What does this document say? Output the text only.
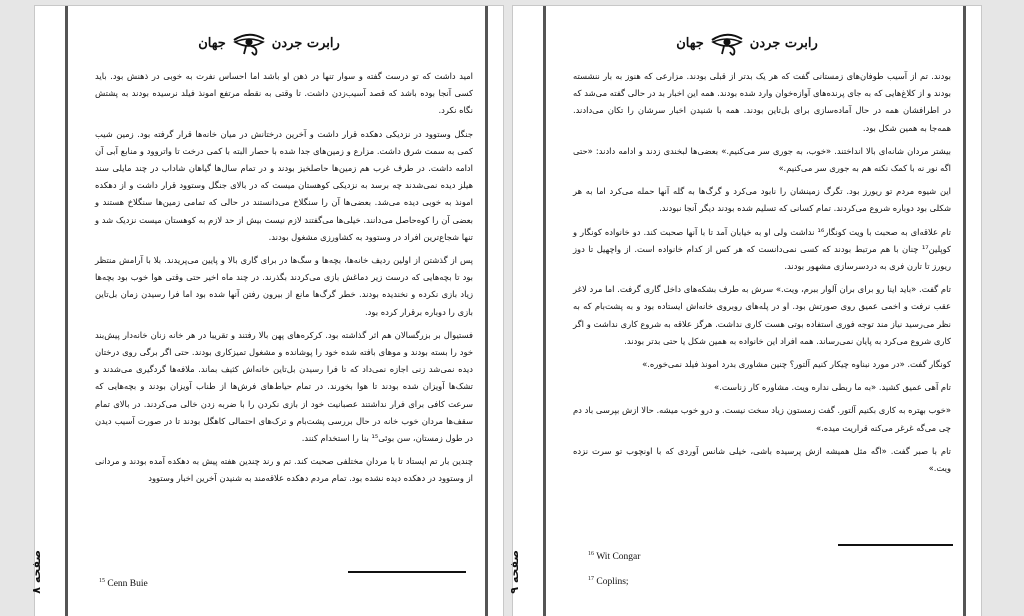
رابرت جردن
جهان

امید داشت که تو درست گفته و سوار تنها در ذهن او باشد اما احساس نفرت به خوبی در ذهنش بود. باید کسی آنجا بوده باشد که قصد آسیب‌زدن داشت. تا وقتی به نقطه مرتفع امونذ فیلد نرسیده بودند به پشتش نگاه نکرد.

جنگل وستوود در نزدیکی دهکده قرار داشت و آخرین درختانش در میان خانه‌ها قرار گرفته بود. زمین شیب کمی به سمت شرق داشت. مزارع و زمین‌های جدا شده با حصار البته با کمی درخت تا واتروود و منابع آبی آن ادامه داشت. در طرف غرب هم زمین‌ها حاصلخیز بودند و در تمام سال‌ها گیاهان شاداب در چند مایلی سند هیلز دیده نمی‌شدند چه برسد به نزدیکی کوهستان میست که در بالای جنگل وستوود قرار داشت و از دهکده امونذ به خوبی دیده می‌شد. بعضی‌ها آن را سنگلاخ می‌دانستند در حالی که تمامی زمین‌ها سنگلاخ هستند و بعضی آن را کوه‌حاصل می‌دانند. خیلی‌ها می‌گفتند لازم نیست بیش از حد لازم به کوهستان میست نزدیک شد و تنها شجاع‌ترین افراد در وستوود به کشاورزی مشغول بودند.

پس از گذشتن از اولین ردیف خانه‌ها، بچه‌ها و سگ‌ها در برای گاری بالا و پایین می‌پریدند. بلا با آرامش منتظر بود تا بچه‌هایی که درست زیر دماغش بازی می‌کردند بگذرند. در چند ماه اخیر حتی وقتی هوا خوب بود بچه‌ها زیاد بازی نکرده و نخندیده بودند. خطر گرگ‌ها مانع از بیرون رفتن آنها شده بود اما فرا رسیدن زمان بل‌تاین بازی را دوباره برقرار کرده بود.

فستیوال بر بزرگسالان هم اثر گذاشته بود. کرکره‌های پهن بالا رفتند و تقریبا در هر خانه زنان خانه‌دار پیش‌بند خود را بسته بودند و موهای بافته شده خود را پوشانده و مشغول تمیزکاری بودند. حتی اگر برگی روی درختان دیده نمی‌شد زنی اجازه نمی‌داد که تا فرا رسیدن بل‌تاین خانه‌اش کثیف بماند. ملافه‌ها گردگیری می‌شدند و تشک‌ها آویزان شده بودند تا هوا بخورند. در تمام حیاط‌های فرش‌ها از طناب آویزان بودند و بچه‌هایی که سرعت کافی برای فرار نداشتند عصبانیت خود از بازی نکردن را با ضربه زدن خالی می‌کردند. در بالای تمام سقف‌ها مردان خوب خانه در حال بررسی پشت‌بام و ترک‌های احتمالی کاهگل بودند تا در صورت آسیب دیدن در طول زمستان، سن بوئی¹⁵ بنا را استخدام کنند.

چندین بار تم ایستاد تا با مردان مختلفی صحبت کند. تم و رند چندین هفته پیش به دهکده آمده بودند و مردانی از وستوود در دهکده دیده نشده بود. تمام مردم دهکده علاقه‌مند به شنیدن آخرین اخبار وستوود

$^{15}$ Cenn Buie
صفحه ۸
رابرت جردن
جهان

بودند. تم از آسیب طوفان‌های زمستانی گفت که هر یک بدتر از قبلی بودند. مزارعی که هنوز به بار ننشسته بودند و از کلاغ‌هایی که به جای پرنده‌های آوازه‌خوان وارد شده بودند. همه این اخبار بد در حالی گفته می‌شد که در اطرافشان همه در حال آماده‌سازی برای بل‌تاین بودند. همه با شنیدن اخبار سرشان را تکان می‌دادند. همه‌جا به همین شکل بود.

بیشتر مردان شانه‌ای بالا انداختند. «خوب، به جوری سر می‌کنیم.» بعضی‌ها لبخندی زدند و ادامه دادند: «حتی اگه نور نه با کمک نکنه هم به جوری سر می‌کنیم.»

این شیوه مردم تو ریورز بود. تگرگ زمینشان را نابود می‌کرد و گرگ‌ها به گله آنها حمله می‌کرد اما به هر شکلی بود دوباره شروع می‌کردند. تمام کسانی که تسلیم شده بودند دیگر آنجا نبودند.

تام علاقه‌ای به صحبت با ویت کونگار¹⁶ نداشت ولی او به خیابان آمد تا با آنها صحبت کند. دو خانواده کونگار و کوپلین¹⁷ چنان با هم مرتبط بودند که کسی نمی‌دانست که هر کس از کدام خانواده است. از واچهیل تا دوز ریورز تا تارن فری به دردسرسازی مشهور بودند.

تام گفت. «باید اینا رو برای بران آلوار ببرم، ویت.» سرش به طرف بشکه‌های داخل گاری گرفت. اما مرد لاغر عقب نرفت و اخمی عمیق روی صورتش بود. او در پله‌های روبروی خانه‌اش ایستاده بود و به پشت‌بام که به نظر می‌رسید نیاز مند توجه فوری استفاده بوتی هست کاری نداشت. هرگز علاقه به شروع کاری نداشت و اگر کاری شروع می‌کرد به پایان نمی‌رساند. همه افراد این خانواده به همین شکل یا حتی بدتر بودند.

کونگار گفت. «در مورد نبناوه چیکار کنیم آلتور؟ چنین مشاوری بدرد امونذ فیلد نمی‌خوره.»

تام آهی عمیق کشید. «به ما ربطی نداره ویت. مشاوره کار زناست.»

«خوب بهتره به کاری بکنیم آلتور. گفت زمستون زیاد سخت نیست. و درو خوب میشه. حالا ازش بپرسی باد دم چی می‌گه غرغر می‌کنه قراریت میده.»

تام با صبر گفت. «اگه مثل همیشه ازش پرسیده باشی، خیلی شانس آوردی که با اونچوب تو سرت نزده ویت.»

$^{16}$ Wit Congar
$^{17}$ Coplins;
صفحه ۹
